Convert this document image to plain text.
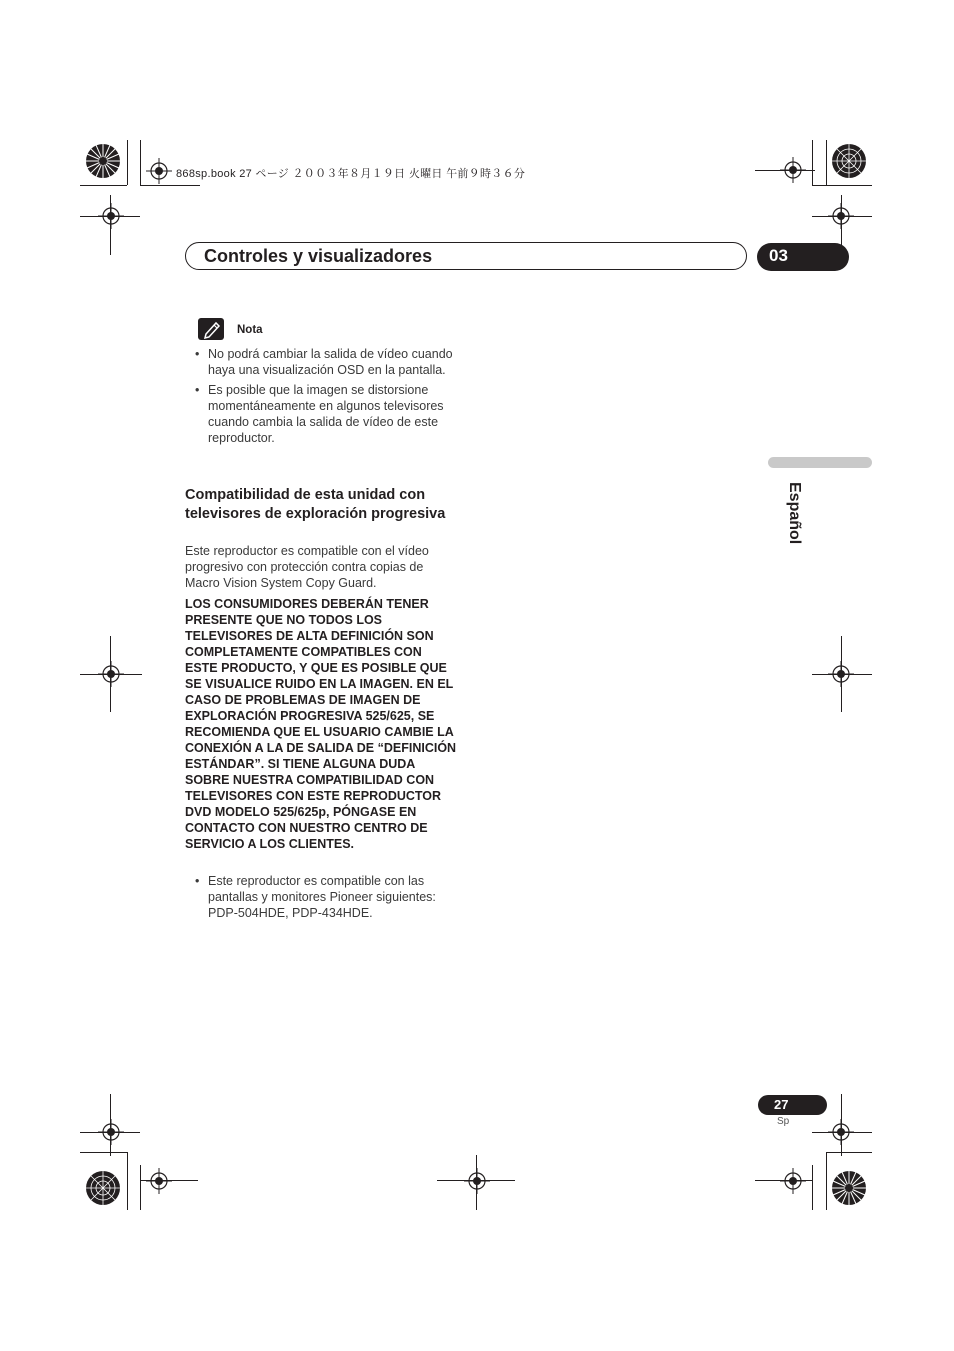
868sp.book 27 ページ ２００３年８月１９日 火曜日 午前９時３６分
Controles y visualizadores	03
Nota
• No podrá cambiar la salida de vídeo cuando haya una visualización OSD en la pantalla.
• Es posible que la imagen se distorsione momentáneamente en algunos televisores cuando cambia la salida de vídeo de este reproductor.
Compatibilidad de esta unidad con televisores de exploración progresiva
Este reproductor es compatible con el vídeo progresivo con protección contra copias de Macro Vision System Copy Guard.
LOS CONSUMIDORES DEBERÁN TENER PRESENTE QUE NO TODOS LOS TELEVISORES DE ALTA DEFINICIÓN SON COMPLETAMENTE COMPATIBLES CON ESTE PRODUCTO, Y QUE ES POSIBLE QUE SE VISUALICE RUIDO EN LA IMAGEN. EN EL CASO DE PROBLEMAS DE IMAGEN DE EXPLORACIÓN PROGRESIVA 525/625, SE RECOMIENDA QUE EL USUARIO CAMBIE LA CONEXIÓN A LA DE SALIDA DE “DEFINICIÓN ESTÁNDAR”. SI TIENE ALGUNA DUDA SOBRE NUESTRA COMPATIBILIDAD CON TELEVISORES CON ESTE REPRODUCTOR DVD MODELO 525/625p, PÓNGASE EN CONTACTO CON NUESTRO CENTRO DE SERVICIO A LOS CLIENTES.
• Este reproductor es compatible con las pantallas y monitores Pioneer siguientes: PDP-504HDE, PDP-434HDE.
Español
27
Sp
